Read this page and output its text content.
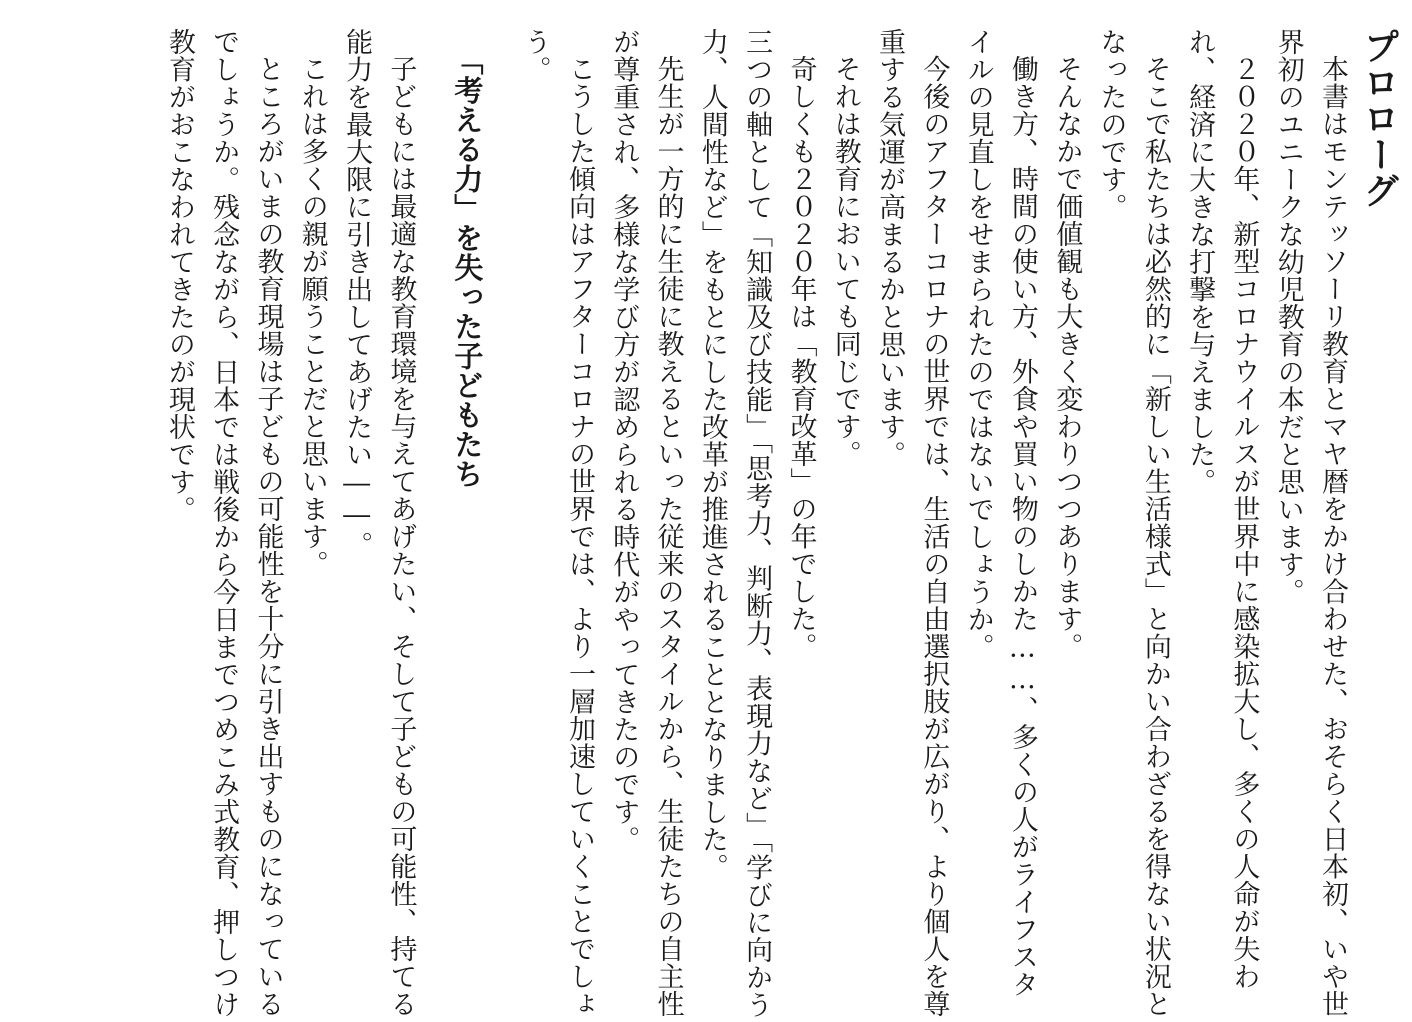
プロローグ

本書はモンテッソーリ教育とマヤ暦をかけ合わせた、おそらく日本初、いや世界初のユニークな幼児教育の本だと思います。

２０２０年、新型コロナウイルスが世界中に感染拡大し、多くの人命が失われ、経済に大きな打撃を与えました。

そこで私たちは必然的に「新しい生活様式」と向かい合わざるを得ない状況となったのです。

そんなかで価値観も大きく変わりつつあります。

働き方、時間の使い方、外食や買い物のしかた……、多くの人がライフスタイルの見直しをせまられたのではないでしょうか。

今後のアフターコロナの世界では、生活の自由選択肢が広がり、より個人を尊重する気運が高まるかと思います。

それは教育においても同じです。

奇しくも２０２０年は「教育改革」の年でした。

三つの軸として「知識及び技能」「思考力、判断力、表現力など」「学びに向かう力、人間性など」をもとにした改革が推進されることとなりました。

先生が一方的に生徒に教えるといった従来のスタイルから、生徒たちの自主性が尊重され、多様な学び方が認められる時代がやってきたのです。

こうした傾向はアフターコロナの世界では、より一層加速していくことでしょう。

「考える力」を失った子どもたち

子どもには最適な教育環境を与えてあげたい、そして子どもの可能性、持てる能力を最大限に引き出してあげたい――。

これは多くの親が願うことだと思います。

ところがいまの教育現場は子どもの可能性を十分に引き出すものになっているでしょうか。残念ながら、日本では戦後から今日までつめこみ式教育、押しつけ教育がおこなわれてきたのが現状です。
